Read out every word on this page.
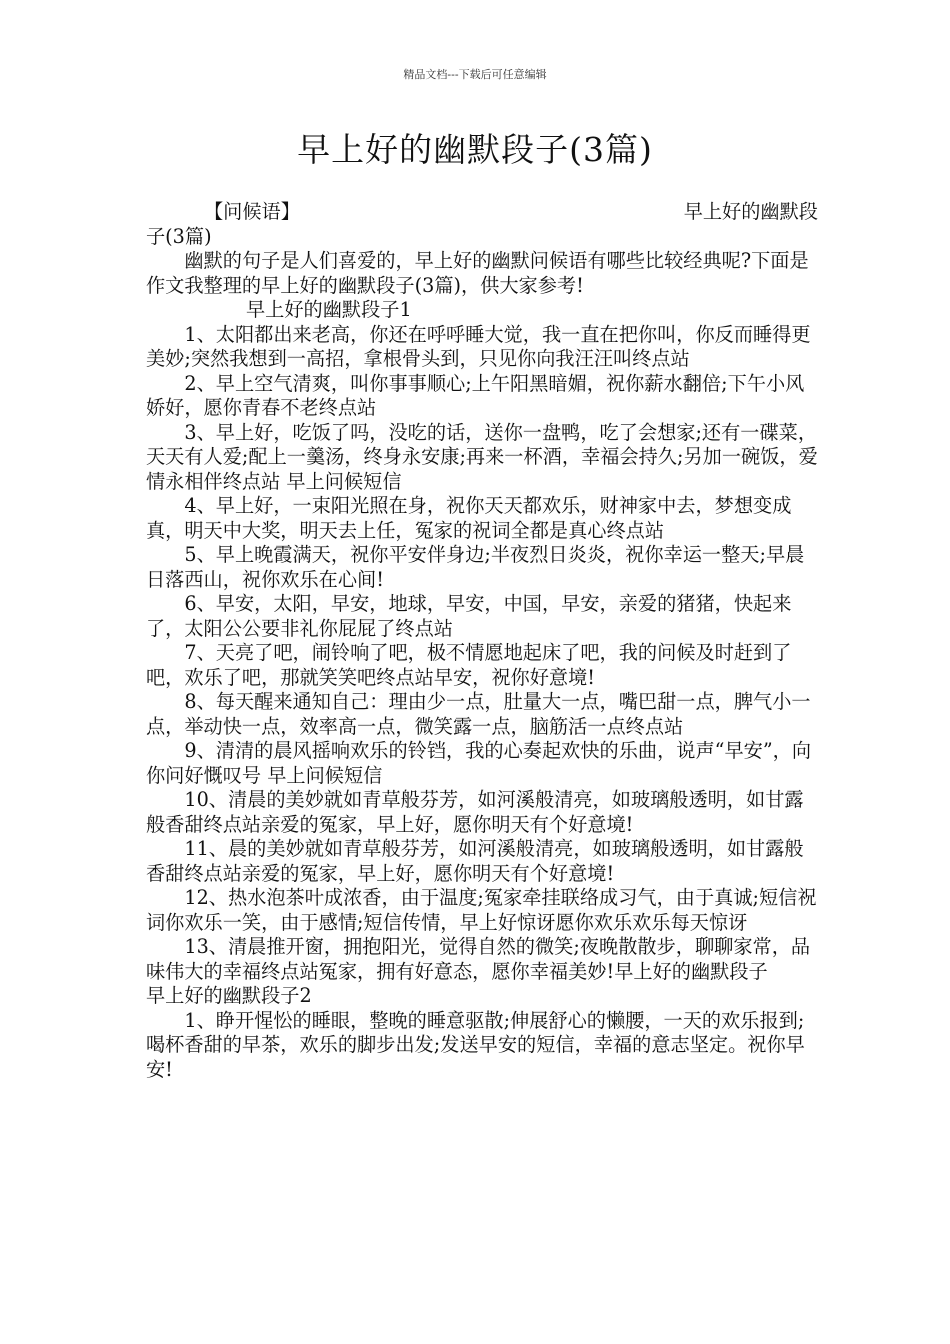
精品文档---下载后可任意编辑
早上好的幽默段子(3篇)
【问候语】	早上好的幽默段

子(3篇)

幽默的句子是人们喜爱的，早上好的幽默问候语有哪些比较经典呢?下面是作文我整理的早上好的幽默段子(3篇)，供大家参考!

早上好的幽默段子1

1、太阳都出来老高，你还在呼呼睡大觉，我一直在把你叫，你反而睡得更美妙;突然我想到一高招，拿根骨头到，只见你向我汪汪叫终点站

2、早上空气清爽，叫你事事顺心;上午阳黑暗媚，祝你薪水翻倍;下午小风娇好，愿你青春不老终点站

3、早上好，吃饭了吗，没吃的话，送你一盘鸭，吃了会想家;还有一碟菜，天天有人爱;配上一羹汤，终身永安康;再来一杯酒，幸福会持久;另加一碗饭，爱情永相伴终点站 早上问候短信

4、早上好，一束阳光照在身，祝你天天都欢乐，财神家中去，梦想变成真，明天中大奖，明天去上任，冤家的祝词全都是真心终点站

5、早上晚霞满天，祝你平安伴身边;半夜烈日炎炎，祝你幸运一整天;早晨日落西山，祝你欢乐在心间!

6、早安，太阳，早安，地球，早安，中国，早安，亲爱的猪猪，快起来了，太阳公公要非礼你屁屁了终点站

7、天亮了吧，闹铃响了吧，极不情愿地起床了吧，我的问候及时赶到了吧，欢乐了吧，那就笑笑吧终点站早安，祝你好意境!

8、每天醒来通知自己：理由少一点，肚量大一点，嘴巴甜一点，脾气小一点，举动快一点，效率高一点，微笑露一点，脑筋活一点终点站

9、清清的晨风摇响欢乐的铃铛，我的心奏起欢快的乐曲，说声“早安”，向你问好慨叹号 早上问候短信

10、清晨的美妙就如青草般芬芳，如河溪般清亮，如玻璃般透明，如甘露般香甜终点站亲爱的冤家，早上好，愿你明天有个好意境!

11、晨的美妙就如青草般芬芳，如河溪般清亮，如玻璃般透明，如甘露般香甜终点站亲爱的冤家，早上好，愿你明天有个好意境!

12、热水泡茶叶成浓香，由于温度;冤家牵挂联络成习气，由于真诚;短信祝词你欢乐一笑，由于感情;短信传情，早上好惊讶愿你欢乐欢乐每天惊讶

13、清晨推开窗，拥抱阳光，觉得自然的微笑;夜晚散散步，聊聊家常，品味伟大的幸福终点站冤家，拥有好意态，愿你幸福美妙!早上好的幽默段子　　早上好的幽默段子2

1、睁开惺忪的睡眼，整晚的睡意驱散;伸展舒心的懒腰，一天的欢乐报到;喝杯香甜的早茶，欢乐的脚步出发;发送早安的短信，幸福的意志坚定。祝你早安!
